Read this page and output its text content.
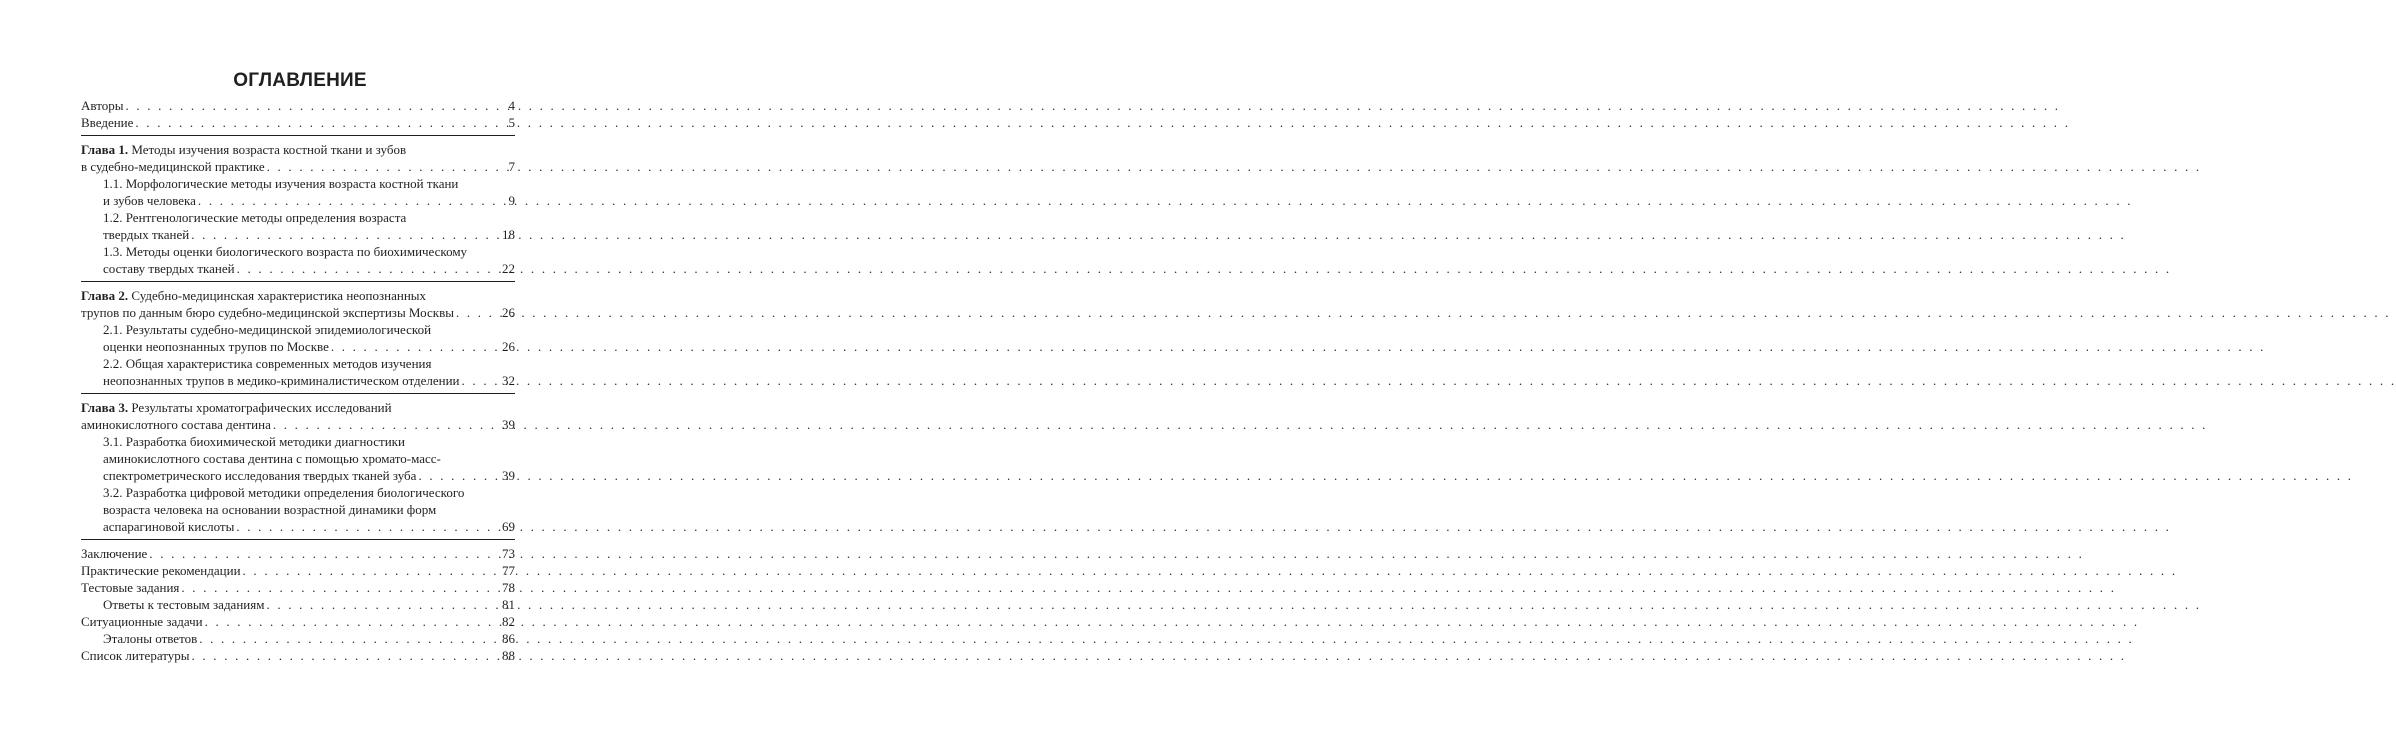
ОГЛАВЛЕНИЕ
Авторы . . .	4
Введение . . .	5
Глава 1. Методы изучения возраста костной ткани и зубов
в судебно-медицинской практике . . .	7
1.1. Морфологические методы изучения возраста костной ткани
и зубов человека . . .	9
1.2. Рентгенологические методы определения возраста
твердых тканей . . .	18
1.3. Методы оценки биологического возраста по биохимическому
составу твердых тканей . . .	22
Глава 2. Судебно-медицинская характеристика неопознанных
трупов по данным бюро судебно-медицинской экспертизы Москвы . . .	26
2.1. Результаты судебно-медицинской эпидемиологической
оценки неопознанных трупов по Москве . . .	26
2.2. Общая характеристика современных методов изучения
неопознанных трупов в медико-криминалистическом отделении . . .	32
Глава 3. Результаты хроматографических исследований
аминокислотного состава дентина . . .	39
3.1. Разработка биохимической методики диагностики
аминокислотного состава дентина с помощью хромато-масс-
спектрометрического исследования твердых тканей зуба . . .	39
3.2. Разработка цифровой методики определения биологического
возраста человека на основании возрастной динамики форм
аспарагиновой кислоты . . .	69
Заключение . . .	73
Практические рекомендации . . .	77
Тестовые задания . . .	78
Ответы к тестовым заданиям . . .	81
Ситуационные задачи . . .	82
Эталоны ответов . . .	86
Список литературы . . .	88
